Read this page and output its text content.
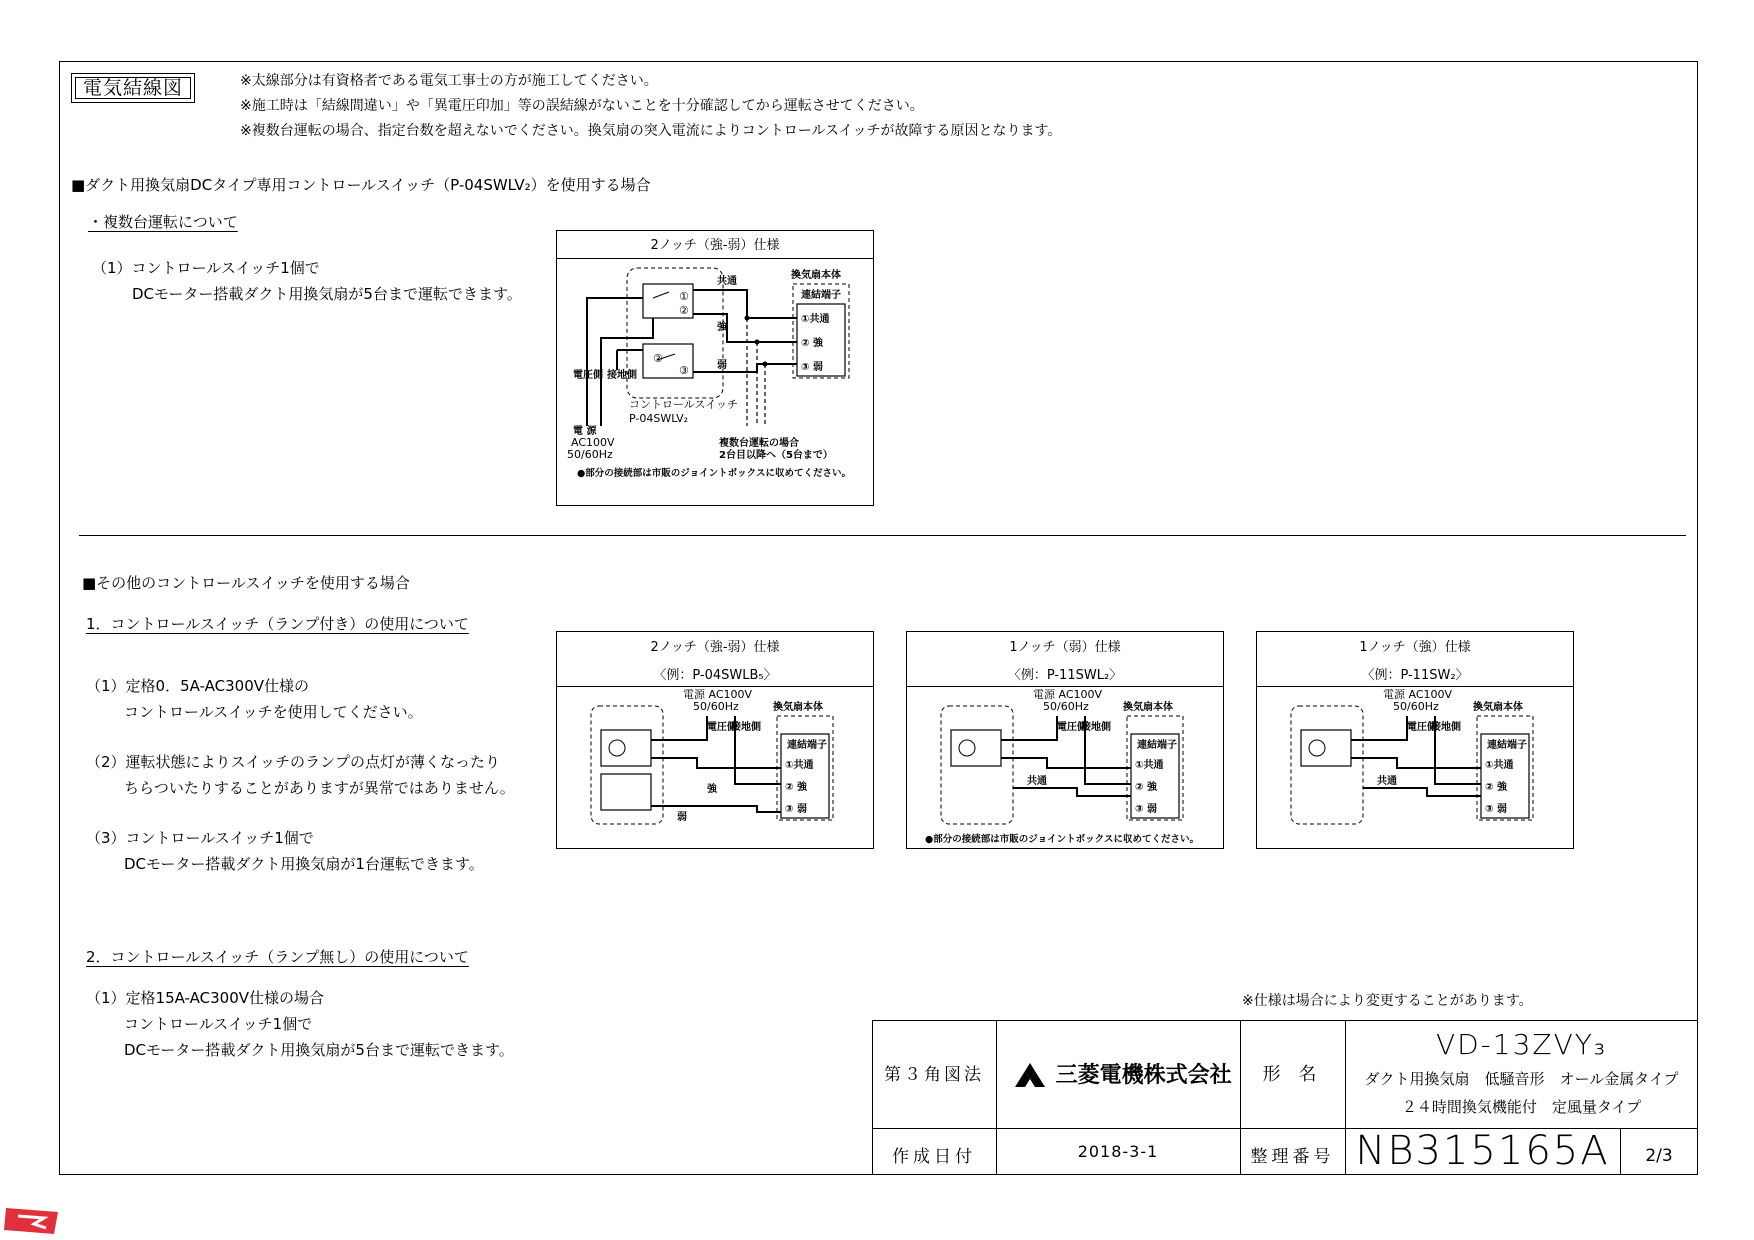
電気結線図	※太線部分は有資格者である電気工事士の方が施工してください。
※施工時は「結線間違い」や「異電圧印加」等の誤結線がないことを十分確認してから運転させてください。
※複数台運転の場合、指定台数を超えないでください。換気扇の突入電流によりコントロールスイッチが故障する原因となります。
■ダクト用換気扇DCタイプ専用コントロールスイッチ（P-04SWLV₂）を使用する場合
・複数台運転について
（1）コントロールスイッチ1個で
DCモーター搭載ダクト用換気扇が5台まで運転できます。
2ノッチ（強-弱）仕様
①
②
②
③
換気扇本体
連結端子
①共通
② 強
③ 弱
共通
強
弱
電圧側 接地側
コントロールスイッチ
P-04SWLV₂
電 源
AC100V
50/60Hz
複数台運転の場合
2台目以降へ（5台まで）
●部分の接続部は市販のジョイントボックスに収めてください。
■その他のコントロールスイッチを使用する場合
1．コントロールスイッチ（ランプ付き）の使用について
（1）定格0．5A-AC300V仕様の
コントロールスイッチを使用してください。
（2）運転状態によりスイッチのランプの点灯が薄くなったり
ちらついたりすることがありますが異常ではありません。
（3）コントロールスイッチ1個で
DCモーター搭載ダクト用換気扇が1台運転できます。
2．コントロールスイッチ（ランプ無し）の使用について
（1）定格15A-AC300V仕様の場合
コントロールスイッチ1個で
DCモーター搭載ダクト用換気扇が5台まで運転できます。
2ノッチ（強-弱）仕様
〈例：P-04SWLB₅〉
換気扇本体
連結端子
①共通
② 強
③ 弱
電源 AC100V
50/60Hz
電圧側
接地側
強
弱
1ノッチ（弱）仕様
〈例：P-11SWL₂〉
換気扇本体
連結端子
①共通
② 強
③ 弱
電源 AC100V
50/60Hz
電圧側
接地側
共通
●部分の接続部は市販のジョイントボックスに収めてください。
1ノッチ（強）仕様
〈例：P-11SW₂〉
換気扇本体
連結端子
①共通
② 強
③ 弱
電源 AC100V
50/60Hz
電圧側
接地側
共通
※仕様は場合により変更することがあります。
第３角図法	三菱電機株式会社	形 名
VD-13ZVY₃
ダクト用換気扇　低騒音形　オール金属タイプ
２４時間換気機能付　定風量タイプ
作成日付	2018-3-1	整理番号 NB315165A	2/3
